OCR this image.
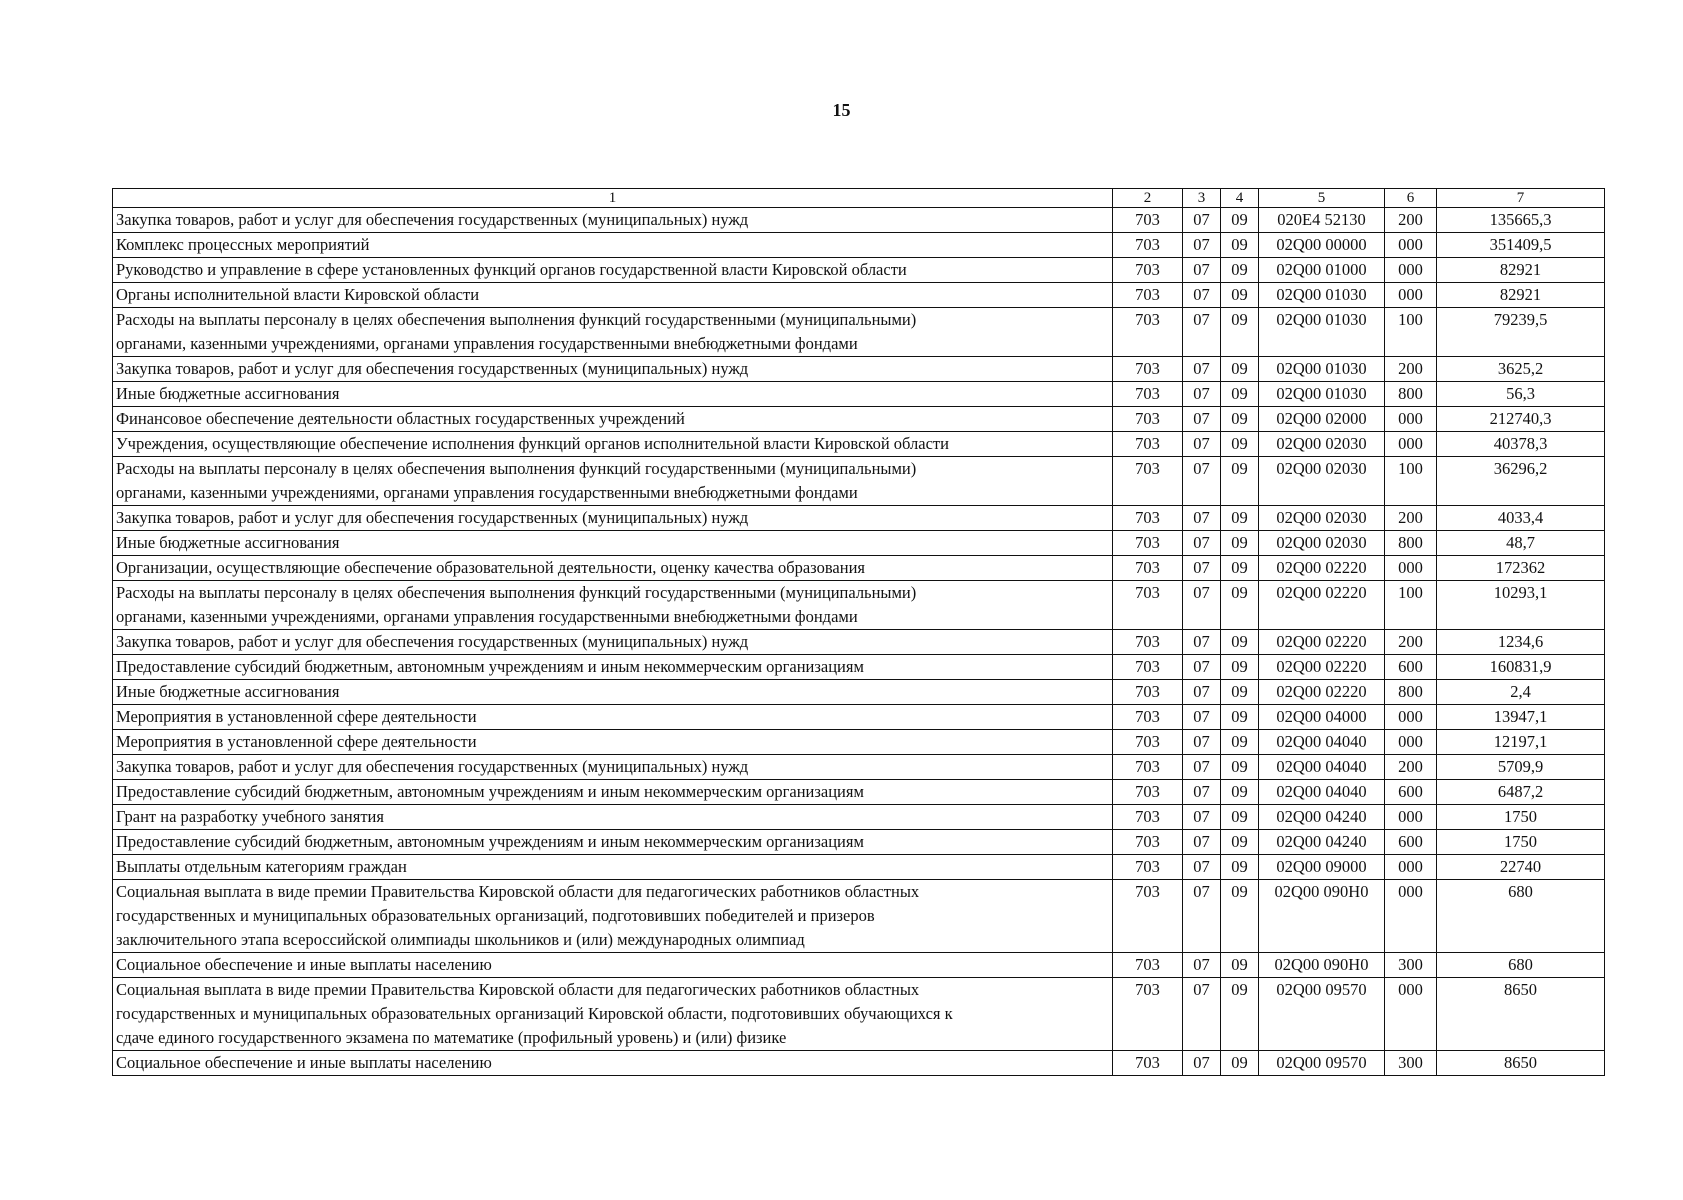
15
1	2	3	4	5	6	7
Закупка товаров, работ и услуг для обеспечения государственных (муниципальных) нужд	703	07	09	020E4 52130	200	135665,3
Комплекс процессных мероприятий	703	07	09	02Q00 00000	000	351409,5
Руководство и управление в сфере установленных функций органов государственной власти Кировской области	703	07	09	02Q00 01000	000	82921
Органы исполнительной власти Кировской области	703	07	09	02Q00 01030	000	82921
Расходы на выплаты персоналу в целях обеспечения выполнения функций государственными (муниципальными)
органами, казенными учреждениями, органами управления государственными внебюджетными фондами	703	07	09	02Q00 01030	100	79239,5
Закупка товаров, работ и услуг для обеспечения государственных (муниципальных) нужд	703	07	09	02Q00 01030	200	3625,2
Иные бюджетные ассигнования	703	07	09	02Q00 01030	800	56,3
Финансовое обеспечение деятельности областных государственных учреждений	703	07	09	02Q00 02000	000	212740,3
Учреждения, осуществляющие обеспечение исполнения функций органов исполнительной власти Кировской области	703	07	09	02Q00 02030	000	40378,3
Расходы на выплаты персоналу в целях обеспечения выполнения функций государственными (муниципальными)
органами, казенными учреждениями, органами управления государственными внебюджетными фондами	703	07	09	02Q00 02030	100	36296,2
Закупка товаров, работ и услуг для обеспечения государственных (муниципальных) нужд	703	07	09	02Q00 02030	200	4033,4
Иные бюджетные ассигнования	703	07	09	02Q00 02030	800	48,7
Организации, осуществляющие обеспечение образовательной деятельности, оценку качества образования	703	07	09	02Q00 02220	000	172362
Расходы на выплаты персоналу в целях обеспечения выполнения функций государственными (муниципальными)
органами, казенными учреждениями, органами управления государственными внебюджетными фондами	703	07	09	02Q00 02220	100	10293,1
Закупка товаров, работ и услуг для обеспечения государственных (муниципальных) нужд	703	07	09	02Q00 02220	200	1234,6
Предоставление субсидий бюджетным, автономным учреждениям и иным некоммерческим организациям	703	07	09	02Q00 02220	600	160831,9
Иные бюджетные ассигнования	703	07	09	02Q00 02220	800	2,4
Мероприятия в установленной сфере деятельности	703	07	09	02Q00 04000	000	13947,1
Мероприятия в установленной сфере деятельности	703	07	09	02Q00 04040	000	12197,1
Закупка товаров, работ и услуг для обеспечения государственных (муниципальных) нужд	703	07	09	02Q00 04040	200	5709,9
Предоставление субсидий бюджетным, автономным учреждениям и иным некоммерческим организациям	703	07	09	02Q00 04040	600	6487,2
Грант на разработку учебного занятия	703	07	09	02Q00 04240	000	1750
Предоставление субсидий бюджетным, автономным учреждениям и иным некоммерческим организациям	703	07	09	02Q00 04240	600	1750
Выплаты отдельным категориям граждан	703	07	09	02Q00 09000	000	22740
Социальная выплата в виде премии Правительства Кировской области для педагогических работников областных
государственных и муниципальных образовательных организаций, подготовивших победителей и призеров
заключительного этапа всероссийской олимпиады школьников и (или) международных олимпиад	703	07	09	02Q00 090H0	000	680
Социальное обеспечение и иные выплаты населению	703	07	09	02Q00 090H0	300	680
Социальная выплата в виде премии Правительства Кировской области для педагогических работников областных
государственных и муниципальных образовательных организаций Кировской области, подготовивших обучающихся к
сдаче единого государственного экзамена по математике (профильный уровень) и (или) физике	703	07	09	02Q00 09570	000	8650
Социальное обеспечение и иные выплаты населению	703	07	09	02Q00 09570	300	8650
